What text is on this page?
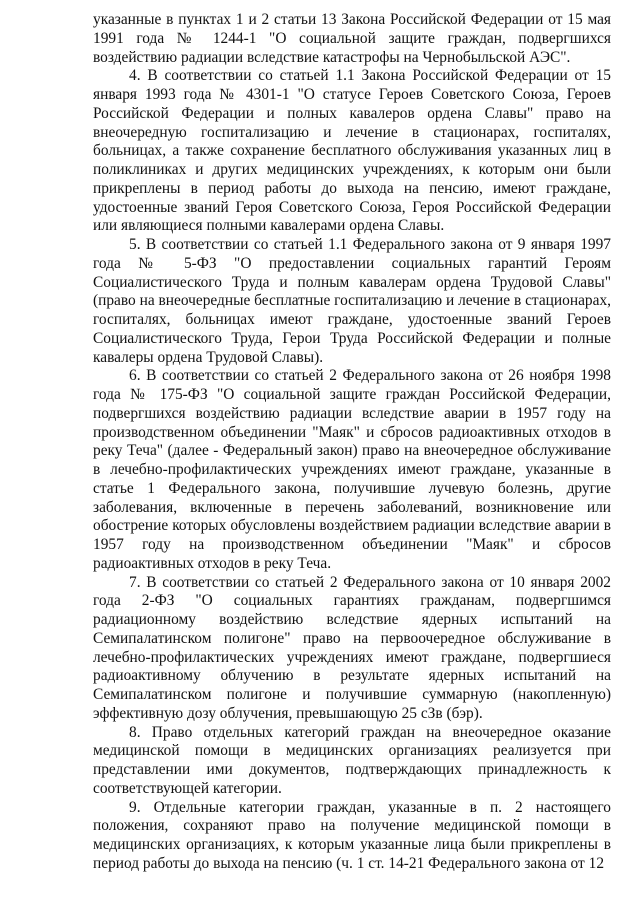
указанные в пунктах 1 и 2 статьи 13 Закона Российской Федерации от 15 мая 1991 года № 1244-1 "О социальной защите граждан, подвергшихся воздействию радиации вследствие катастрофы на Чернобыльской АЭС".

4. В соответствии со статьей 1.1 Закона Российской Федерации от 15 января 1993 года № 4301-1 "О статусе Героев Советского Союза, Героев Российской Федерации и полных кавалеров ордена Славы" право на внеочередную госпитализацию и лечение в стационарах, госпиталях, больницах, а также сохранение бесплатного обслуживания указанных лиц в поликлиниках и других медицинских учреждениях, к которым они были прикреплены в период работы до выхода на пенсию, имеют граждане, удостоенные званий Героя Советского Союза, Героя Российской Федерации или являющиеся полными кавалерами ордена Славы.

5. В соответствии со статьей 1.1 Федерального закона от 9 января 1997 года № 5-ФЗ "О предоставлении социальных гарантий Героям Социалистического Труда и полным кавалерам ордена Трудовой Славы" (право на внеочередные бесплатные госпитализацию и лечение в стационарах, госпиталях, больницах имеют граждане, удостоенные званий Героев Социалистического Труда, Герои Труда Российской Федерации и полные кавалеры ордена Трудовой Славы).

6. В соответствии со статьей 2 Федерального закона от 26 ноября 1998 года № 175-ФЗ "О социальной защите граждан Российской Федерации, подвергшихся воздействию радиации вследствие аварии в 1957 году на производственном объединении "Маяк" и сбросов радиоактивных отходов в реку Теча" (далее - Федеральный закон) право на внеочередное обслуживание в лечебно-профилактических учреждениях имеют граждане, указанные в статье 1 Федерального закона, получившие лучевую болезнь, другие заболевания, включенные в перечень заболеваний, возникновение или обострение которых обусловлены воздействием радиации вследствие аварии в 1957 году на производственном объединении "Маяк" и сбросов радиоактивных отходов в реку Теча.

7. В соответствии со статьей 2 Федерального закона от 10 января 2002 года 2-ФЗ "О социальных гарантиях гражданам, подвергшимся радиационному воздействию вследствие ядерных испытаний на Семипалатинском полигоне" право на первоочередное обслуживание в лечебно-профилактических учреждениях имеют граждане, подвергшиеся радиоактивному облучению в результате ядерных испытаний на Семипалатинском полигоне и получившие суммарную (накопленную) эффективную дозу облучения, превышающую 25 сЗв (бэр).

8. Право отдельных категорий граждан на внеочередное оказание медицинской помощи в медицинских организациях реализуется при представлении ими документов, подтверждающих принадлежность к соответствующей категории.

9. Отдельные категории граждан, указанные в п. 2 настоящего положения, сохраняют право на получение медицинской помощи в медицинских организациях, к которым указанные лица были прикреплены в период работы до выхода на пенсию (ч. 1 ст. 14-21 Федерального закона от 12
